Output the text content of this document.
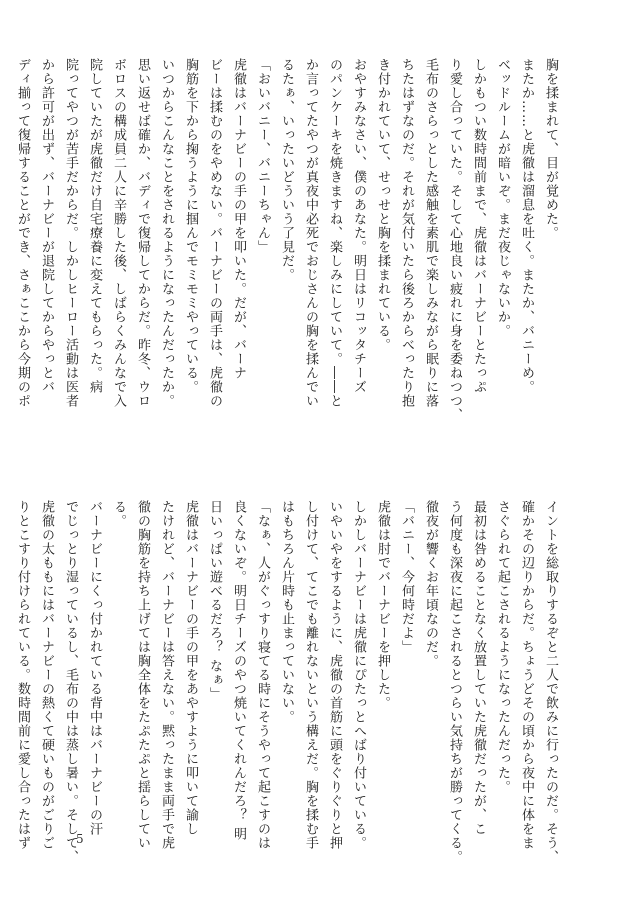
胸を揉まれて、目が覚めた。
またか……と虎徹は溜息を吐く。またか、バニーめ。
ベッドルームが暗いぞ。まだ夜じゃないか。
しかもつい数時間前まで、虎徹はバーナビーとたっぷ
り愛し合っていた。そして心地良い疲れに身を委ねつつ、
毛布のさらっとした感触を素肌で楽しみながら眠りに落
ちたはずなのだ。それが気付いたら後ろからべったり抱
き付かれていて、せっせと胸を揉まれている。
おやすみなさい、僕のあなた。明日はリコッタチーズ
のパンケーキを焼きますね、楽しみにしていて。――と
か言ってたやつが真夜中必死でおじさんの胸を揉んでい
るたぁ、いったいどういう了見だ。
「おいバニー、バニーちゃん」
虎徹はバーナビーの手の甲を叩いた。だが、バーナ
ビーは揉むのをやめない。バーナビーの両手は、虎徹の
胸筋を下から掬うように掴んでモミモミやっている。
いつからこんなことをされるようになったんだったか。
思い返せば確か、バディで復帰してからだ。昨冬、ウロ
ボロスの構成員二人に辛勝した後、しばらくみんなで入
院していたが虎徹だけ自宅療養に変えてもらった。病
院ってやつが苦手だからだ。しかしヒーロー活動は医者
から許可が出ず、バーナビーが退院してからやっとバ
ディ揃って復帰することができ、さぁここから今期のポ
イントを総取りするぞと二人で飲みに行ったのだ。そう、
確かその辺りからだ。ちょうどその頃から夜中に体をま
さぐられて起こされるようになったんだった。
最初は咎めることなく放置していた虎徹だったが、こ
う何度も深夜に起こされるとつらい気持ちが勝ってくる。
徹夜が響くお年頃なのだ。
「バニー、今何時だよ」
虎徹は肘でバーナビーを押した。
しかしバーナビーは虎徹にぴたっとへばり付いている。
いやいやをするように、虎徹の首筋に頭をぐりぐりと押
し付けて、てこでも離れないという構えだ。胸を揉む手
はもちろん片時も止まっていない。
「なぁ、人がぐっすり寝てる時にそうやって起こすのは
良くないぞ。明日チーズのやつ焼いてくれんだろ？ 明
日いっぱい遊べるだろ？ なぁ」
虎徹はバーナビーの手の甲をあやすように叩いて諭し
たけれど、バーナビーは答えない。黙ったまま両手で虎
徹の胸筋を持ち上げては胸全体をたぷたぷと揺らしてい
る。
バーナビーにくっ付かれている背中はバーナビーの汗
でじっとり湿っているし、毛布の中は蒸し暑い。そして、
虎徹の太ももにはバーナビーの熱くて硬いものがごりご
りとこすり付けられている。数時間前に愛し合ったはず	5
